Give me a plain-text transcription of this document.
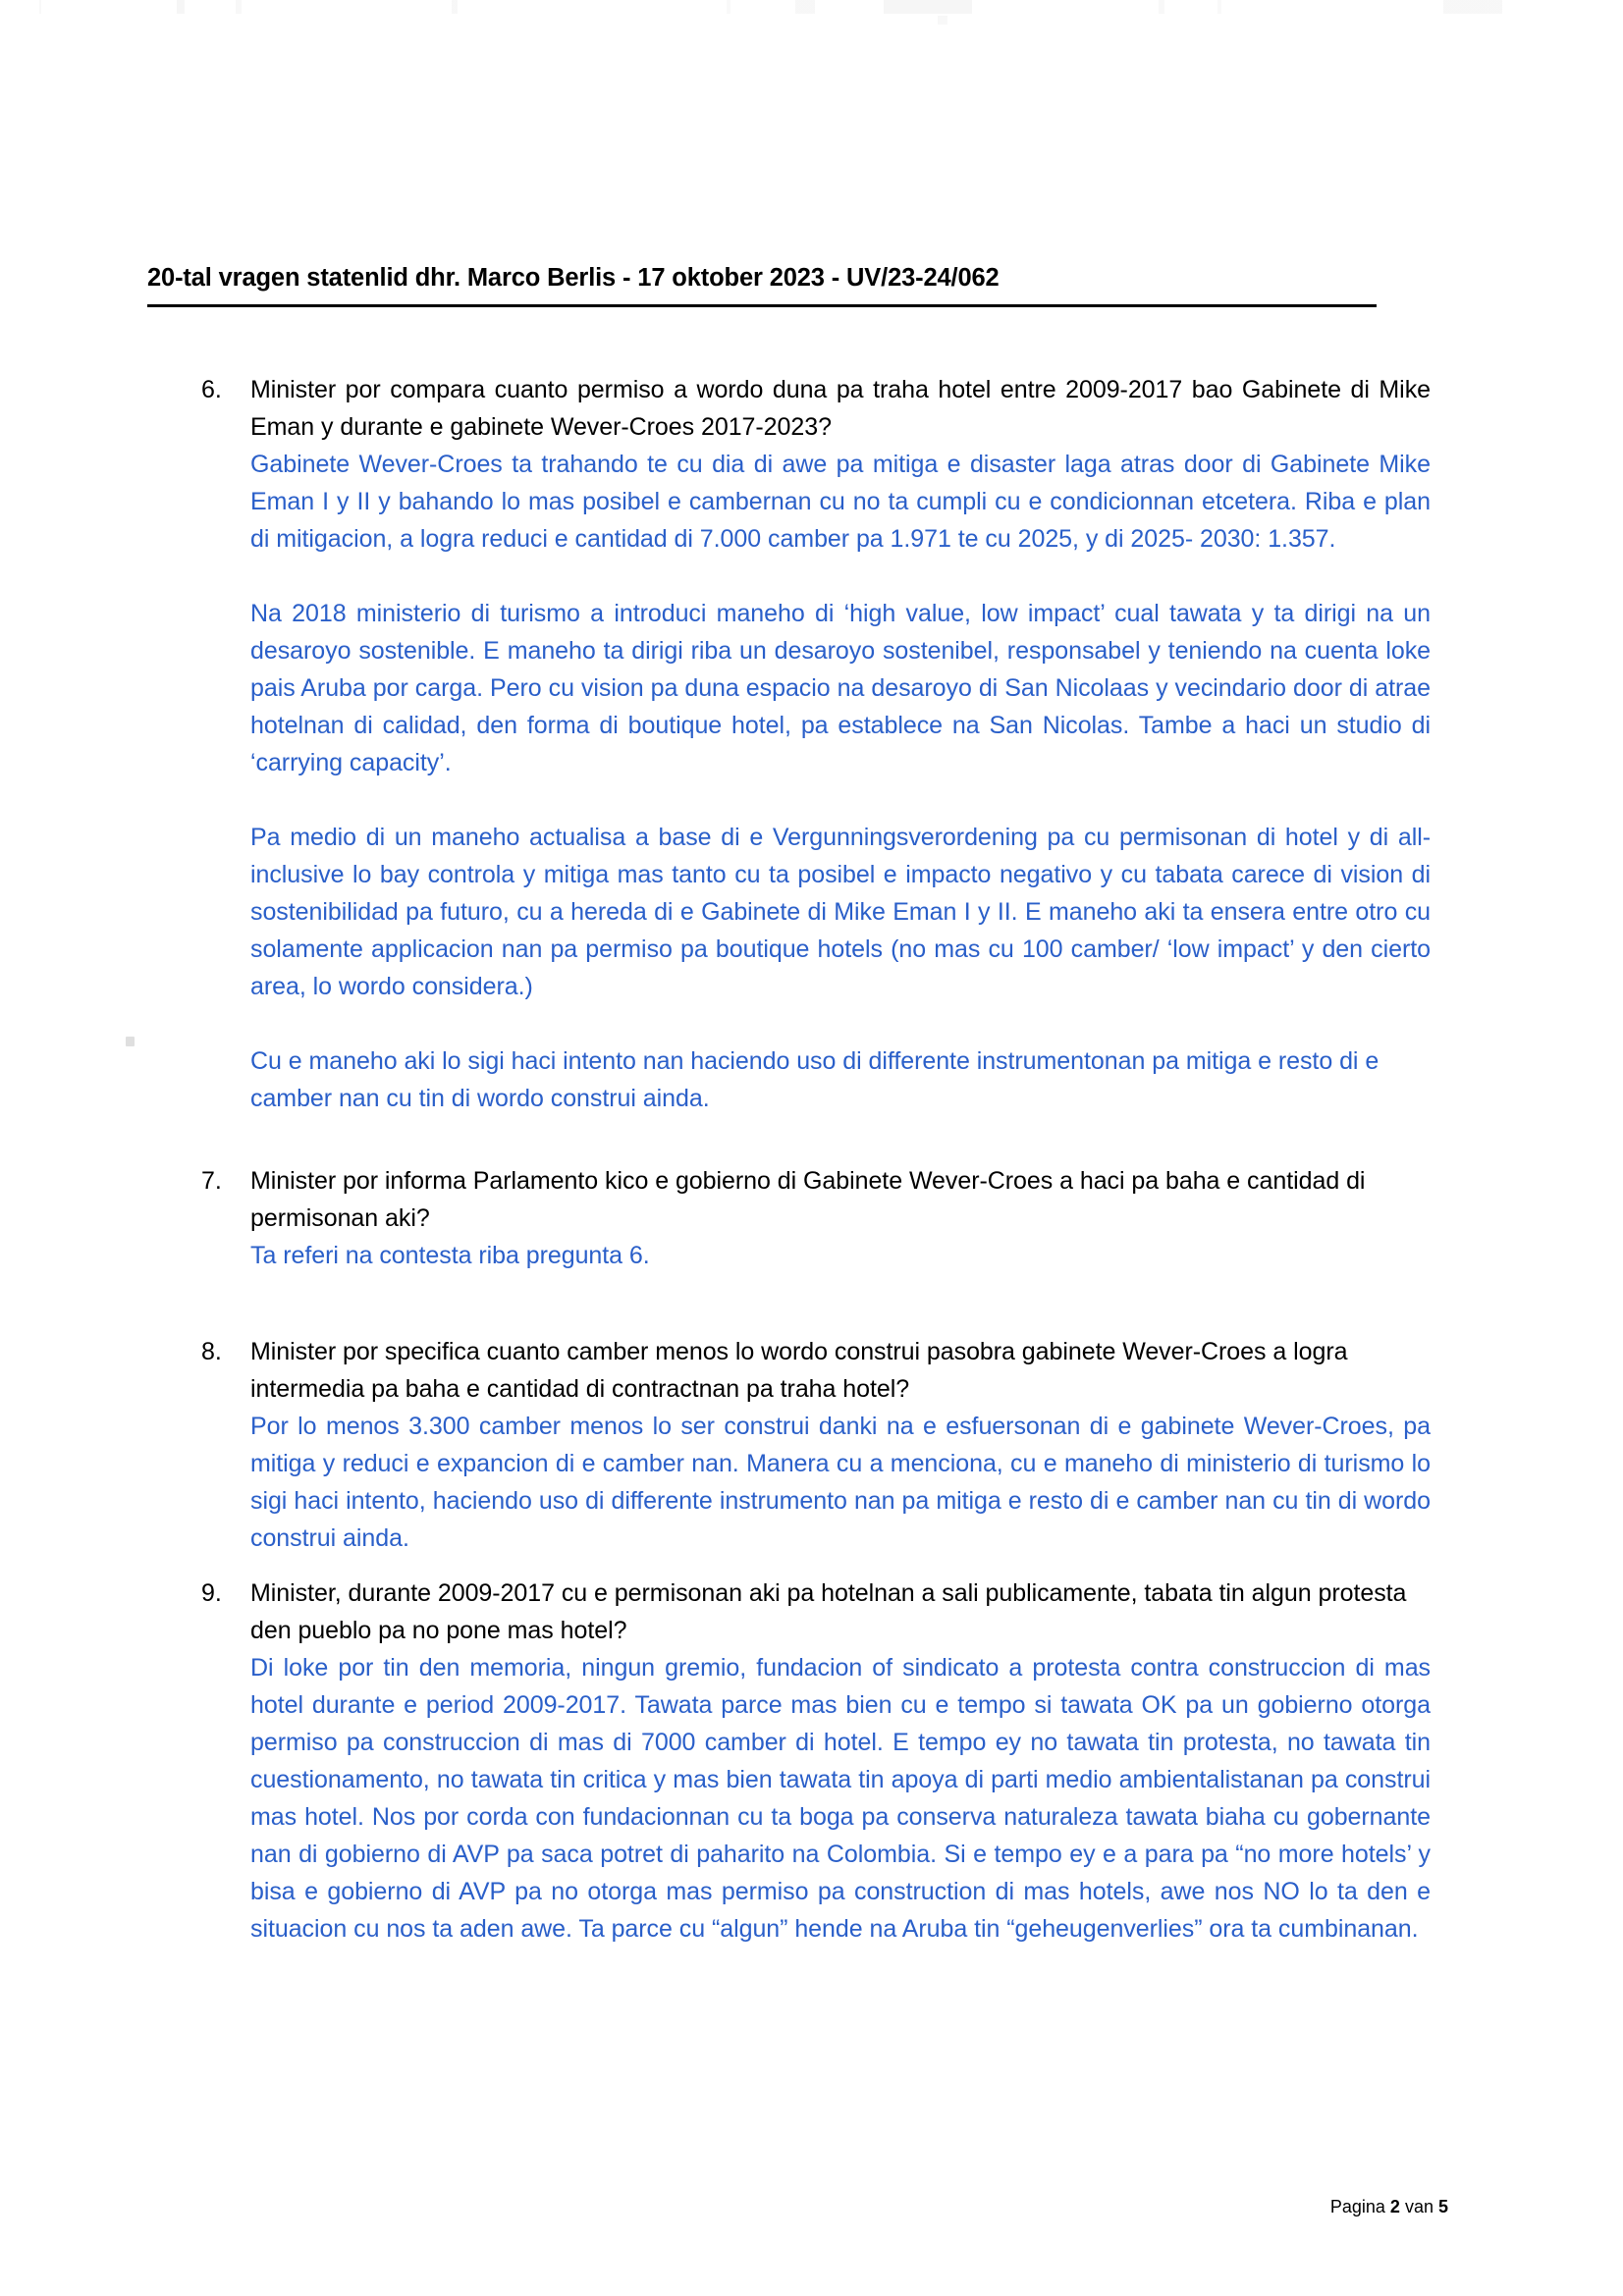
20-tal vragen statenlid dhr. Marco Berlis - 17 oktober 2023 - UV/23-24/062
6.	Minister por compara cuanto permiso a wordo duna pa traha hotel entre 2009-2017 bao Gabinete di Mike Eman y durante e gabinete Wever-Croes 2017-2023?
Gabinete Wever-Croes ta trahando te cu dia di awe pa mitiga e disaster laga atras door di Gabinete Mike Eman I y II y bahando lo mas posibel e cambernan cu no ta cumpli cu e condicionnan etcetera. Riba e plan di mitigacion, a logra reduci e cantidad di 7.000 camber pa 1.971 te cu 2025, y di 2025- 2030: 1.357.
Na 2018 ministerio di turismo a introduci maneho di ‘high value, low impact’ cual tawata y ta dirigi na un desaroyo sostenible. E maneho ta dirigi riba un desaroyo sostenibel, responsabel y teniendo na cuenta loke pais Aruba por carga. Pero cu vision pa duna espacio na desaroyo di San Nicolaas y vecindario door di atrae hotelnan di calidad, den forma di boutique hotel, pa establece na San Nicolas. Tambe a haci un studio di ‘carrying capacity’.
Pa medio di un maneho actualisa a base di e Vergunningsverordening pa cu permisonan di hotel y di all-inclusive lo bay controla y mitiga mas tanto cu ta posibel e impacto negativo y cu tabata carece di vision di sostenibilidad pa futuro, cu a hereda di e Gabinete di Mike Eman I y II. E maneho aki ta ensera entre otro cu solamente applicacion nan pa permiso pa boutique hotels (no mas cu 100 camber/ ‘low impact’ y den cierto area, lo wordo considera.)
Cu e maneho aki lo sigi haci intento nan haciendo uso di differente instrumentonan pa mitiga e resto di e camber nan cu tin di wordo construi ainda.
7.	Minister por informa Parlamento kico e gobierno di Gabinete Wever-Croes a haci pa baha e cantidad di permisonan aki?
Ta referi na contesta riba pregunta 6.
8.	Minister por specifica cuanto camber menos lo wordo construi pasobra gabinete Wever-Croes a logra intermedia pa baha e cantidad di contractnan pa traha hotel?
Por lo menos 3.300 camber menos lo ser construi danki na e esfuersonan di e gabinete Wever-Croes, pa mitiga y reduci e expancion di e camber nan. Manera cu a menciona, cu e maneho di ministerio di turismo lo sigi haci intento, haciendo uso di differente instrumento nan pa mitiga e resto di e camber nan cu tin di wordo construi ainda.
9.	Minister, durante 2009-2017 cu e permisonan aki pa hotelnan a sali publicamente, tabata tin algun protesta den pueblo pa no pone mas hotel?
Di loke por tin den memoria, ningun gremio, fundacion of sindicato a protesta contra construccion di mas hotel durante e period 2009-2017. Tawata parce mas bien cu e tempo si tawata OK pa un gobierno otorga permiso pa construccion di mas di 7000 camber di hotel. E tempo ey no tawata tin protesta, no tawata tin cuestionamento, no tawata tin critica y mas bien tawata tin apoya di parti medio ambientalistanan pa construi mas hotel. Nos por corda con fundacionnan cu ta boga pa conserva naturaleza tawata biaha cu gobernante nan di gobierno di AVP pa saca potret di paharito na Colombia. Si e tempo ey e a para pa “no more hotels’ y bisa e gobierno di AVP pa no otorga mas permiso pa construction di mas hotels, awe nos NO lo ta den e situacion cu nos ta aden awe. Ta parce cu “algun” hende na Aruba tin “geheugenverlies” ora ta cumbinanan.
Pagina 2 van 5
